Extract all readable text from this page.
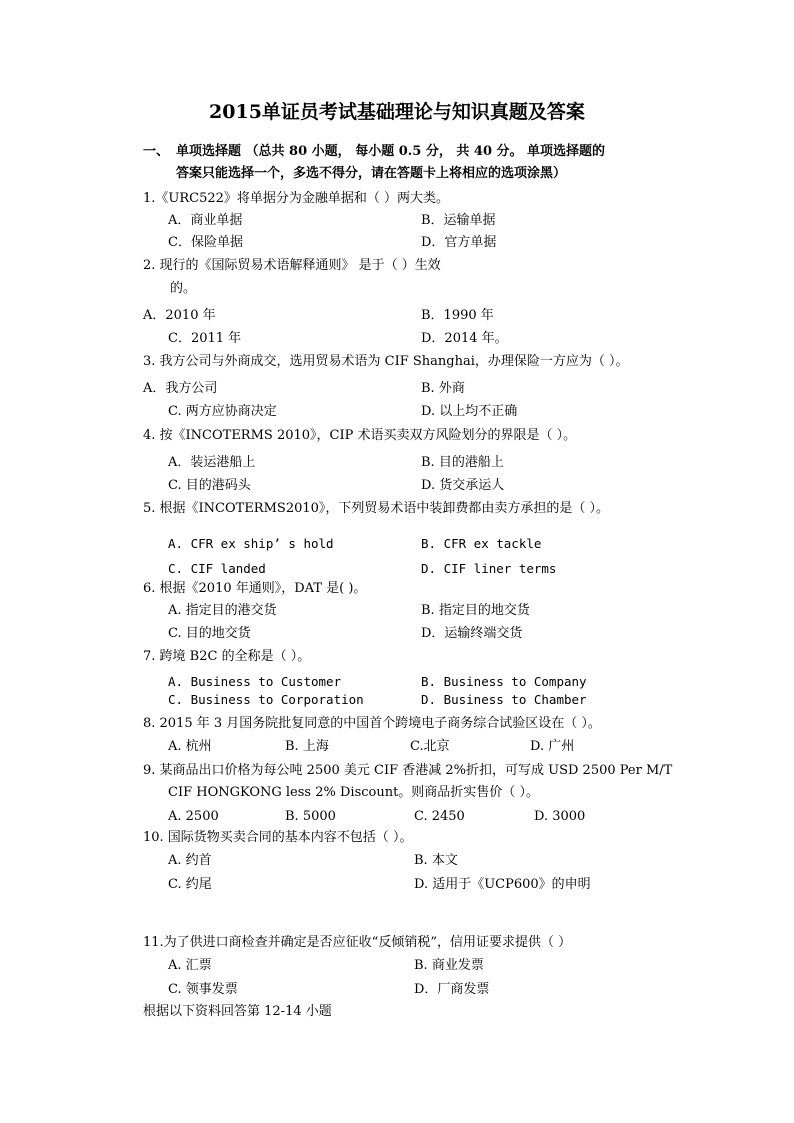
2015单证员考试基础理论与知识真题及答案
一、 单项选择题 （总共 80 小题， 每小题 0.5 分， 共 40 分。 单项选择题的
答案只能选择一个，多选不得分，请在答题卡上将相应的选项涂黑）
1.《URC522》将单据分为金融单据和（ ）两大类。
A．商业单据	B．运输单据
C．保险单据	D．官方单据
2. 现行的《国际贸易术语解释通则》 是于（ ）生效
的。
A．2010 年	B．1990 年
C．2011 年	D．2014 年。
3. 我方公司与外商成交，选用贸易术语为 CIF Shanghai，办理保险一方应为（ ）。
A．我方公司	B. 外商
C. 两方应协商决定	D. 以上均不正确
4. 按《INCOTERMS 2010》，CIP 术语买卖双方风险划分的界限是（ ）。
A．装运港船上	B. 目的港船上
C. 目的港码头	D. 货交承运人
5. 根据《INCOTERMS2010》，下列贸易术语中装卸费都由卖方承担的是（ ）。
A. CFR ex ship’ s hold	B. CFR ex tackle
C. CIF landed	D. CIF liner terms
6. 根据《2010 年通则》，DAT 是( )。
A. 指定目的港交货	B. 指定目的地交货
C. 目的地交货	D．运输终端交货
7. 跨境 B2C 的全称是（ ）。
A. Business to Customer	B. Business to Company
C. Business to Corporation	D. Business to Chamber
8. 2015 年 3 月国务院批复同意的中国首个跨境电子商务综合试验区设在（ ）。
A. 杭州	B. 上海	C.北京	D. 广州
9. 某商品出口价格为每公吨 2500 美元 CIF 香港减 2%折扣，可写成 USD 2500 Per M/T
CIF HONGKONG less 2% Discount。则商品折实售价（ ）。
A. 2500	B. 5000	C. 2450	D. 3000
10. 国际货物买卖合同的基本内容不包括（ ）。
A. 约首	B. 本文
C. 约尾	D. 适用于《UCP600》的申明
11.为了供进口商检查并确定是否应征收“反倾销税”，信用证要求提供（ ）
A. 汇票	B. 商业发票
C. 领事发票	D．厂商发票
根据以下资料回答第 12-14 小题
